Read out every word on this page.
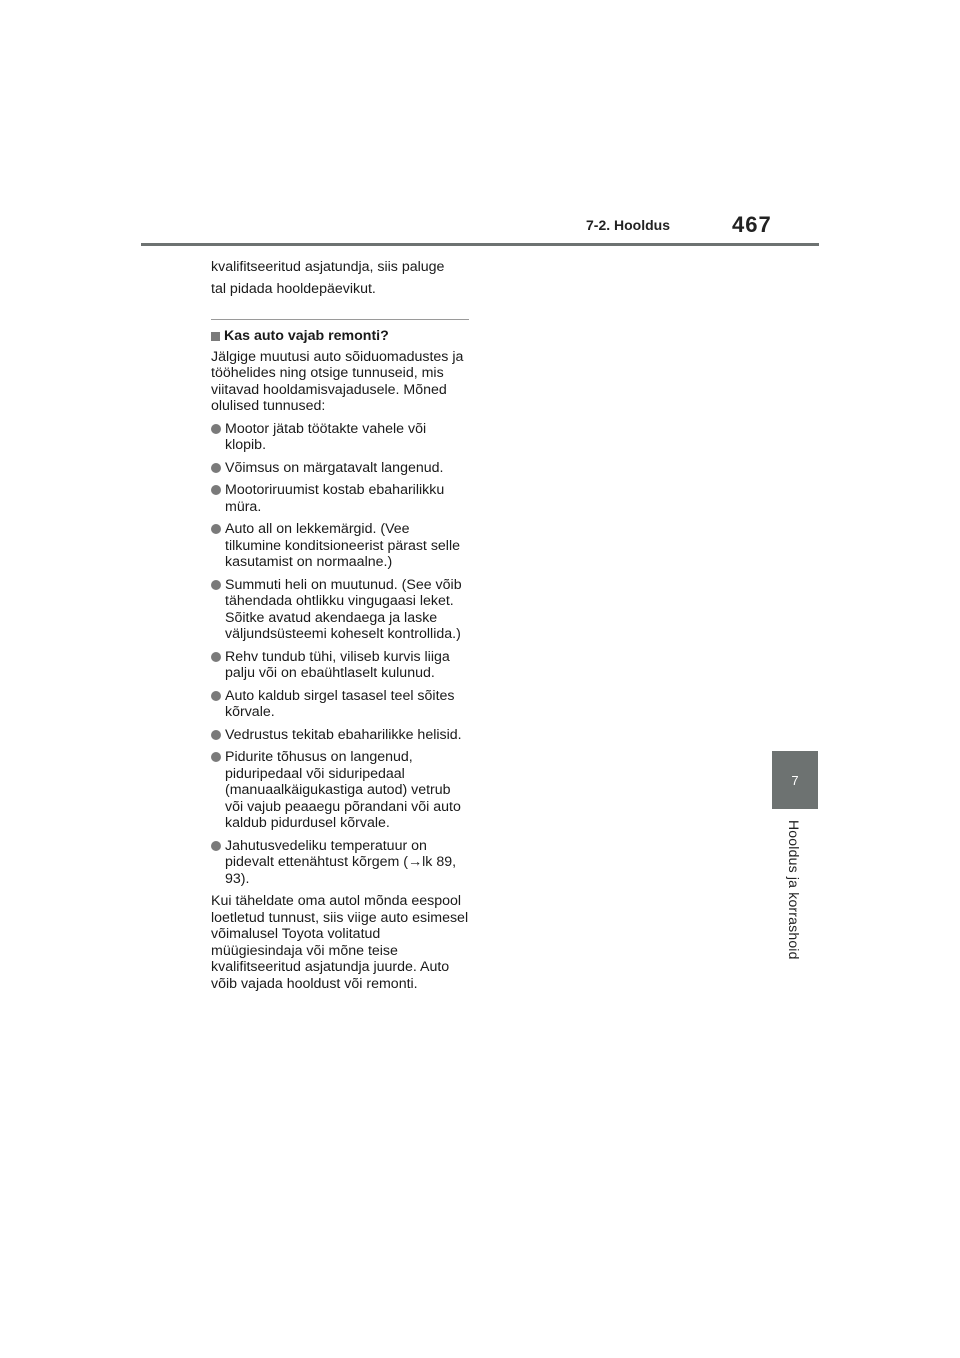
7-2. Hooldus	467
7
Hooldus ja korrashoid

kvalifitseeritud asjatundja, siis paluge
tal pidada hooldepäevikut.

Kas auto vajab remonti?

Jälgige muutusi auto sõiduomadustes ja tööhelides ning otsige tunnuseid, mis viitavad hooldamisvajadusele. Mõned olulised tunnused:

Mootor jätab töötakte vahele või klopib.
Võimsus on märgatavalt langenud.
Mootoriruumist kostab ebaharilikku müra.
Auto all on lekkemärgid. (Vee tilkumine konditsioneerist pärast selle kasutamist on normaalne.)
Summuti heli on muutunud. (See võib tähendada ohtlikku vingugaasi leket. Sõitke avatud akendaega ja laske väljundsüsteemi koheselt kontrollida.)
Rehv tundub tühi, viliseb kurvis liiga palju või on ebaühtlaselt kulunud.
Auto kaldub sirgel tasasel teel sõites kõrvale.
Vedrustus tekitab ebaharilikke helisid.
Pidurite tõhusus on langenud, piduripedaal või siduripedaal (manuaalkäigukastiga autod) vetrub või vajub peaaegu põrandani või auto kaldub pidurdusel kõrvale.
Jahutusvedeliku temperatuur on pidevalt ettenähtust kõrgem (→lk 89, 93).

Kui täheldate oma autol mõnda eespool loetletud tunnust, siis viige auto esimesel võimalusel Toyota volitatud müügiesindaja või mõne teise kvalifitseeritud asjatundja juurde. Auto võib vajada hooldust või remonti.
